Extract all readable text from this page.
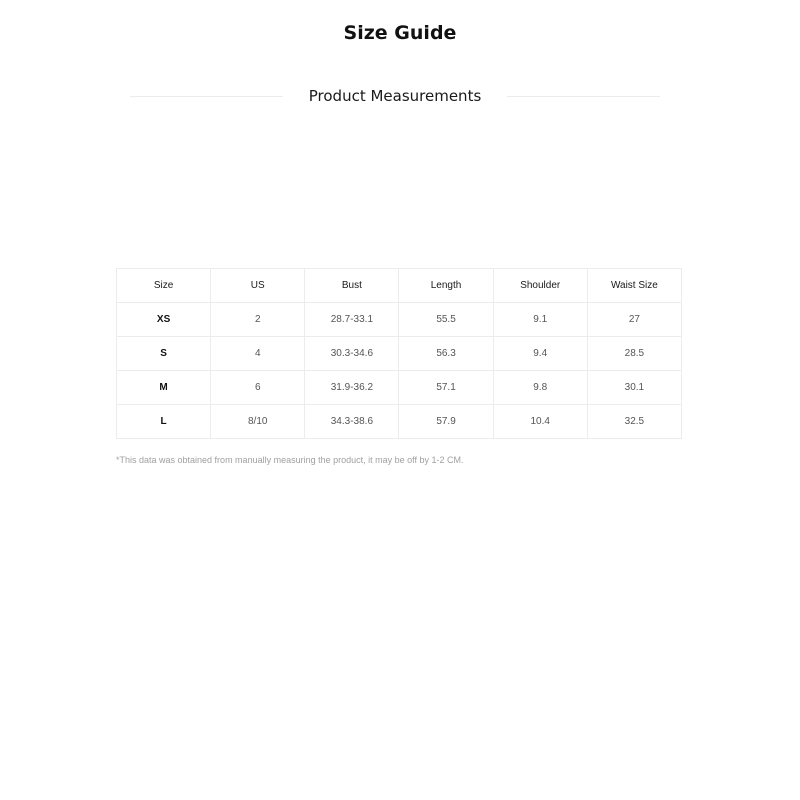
Size Guide
Product Measurements
Size	US	Bust	Length	Shoulder	Waist Size
XS	2	28.7-33.1	55.5	9.1	27
S	4	30.3-34.6	56.3	9.4	28.5
M	6	31.9-36.2	57.1	9.8	30.1
L	8/10	34.3-38.6	57.9	10.4	32.5
*This data was obtained from manually measuring the product, it may be off by 1-2 CM.
